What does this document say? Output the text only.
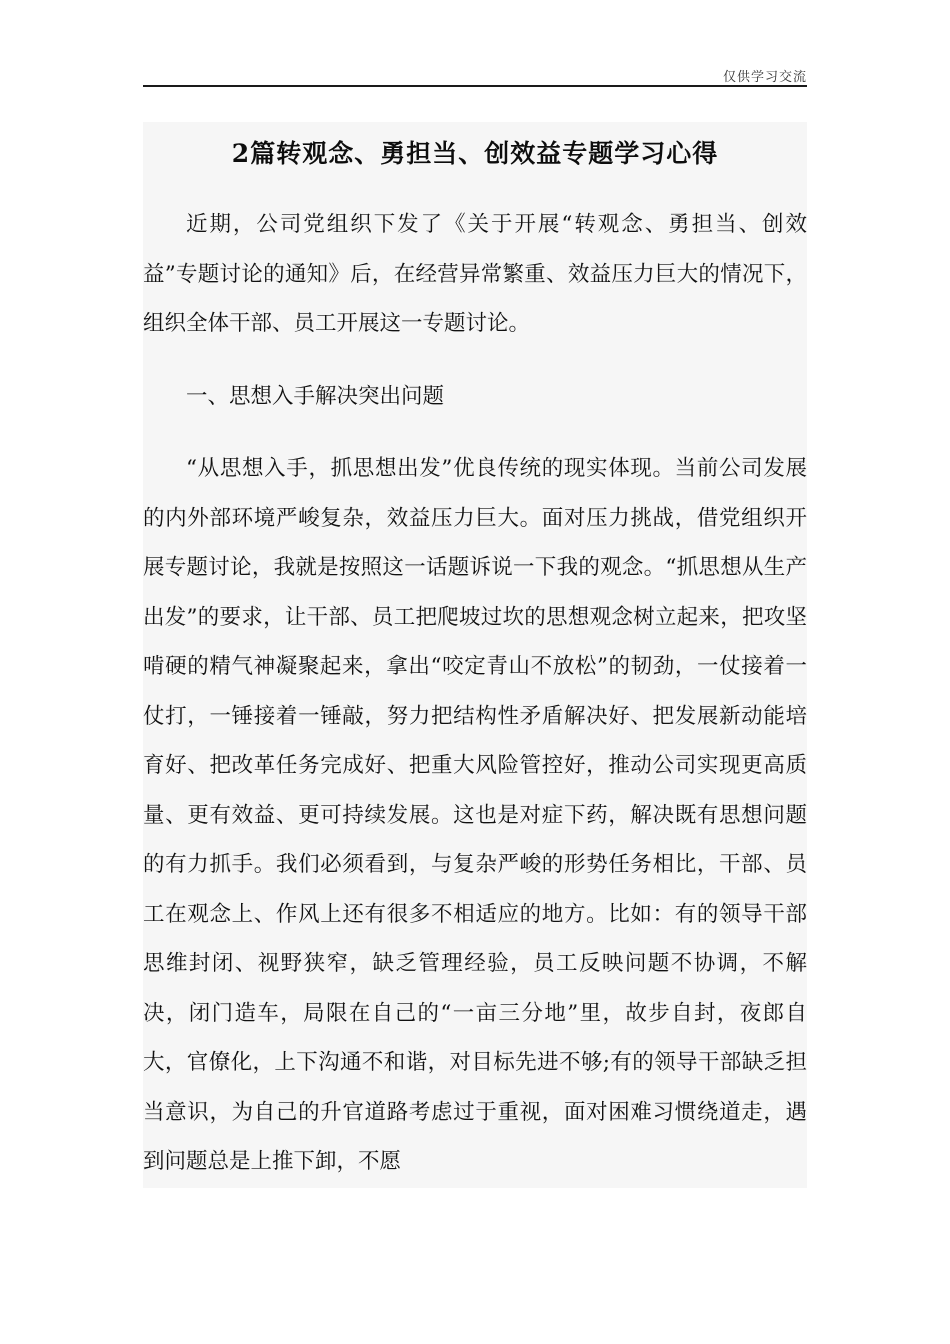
仅供学习交流
2篇转观念、勇担当、创效益专题学习心得

近期，公司党组织下发了《关于开展“转观念、勇担当、创效益”专题讨论的通知》后，在经营异常繁重、效益压力巨大的情况下，组织全体干部、员工开展这一专题讨论。

一、思想入手解决突出问题

“从思想入手，抓思想出发”优良传统的现实体现。当前公司发展的内外部环境严峻复杂，效益压力巨大。面对压力挑战，借党组织开展专题讨论，我就是按照这一话题诉说一下我的观念。“抓思想从生产出发”的要求，让干部、员工把爬坡过坎的思想观念树立起来，把攻坚啃硬的精气神凝聚起来，拿出“咬定青山不放松”的韧劲，一仗接着一仗打，一锤接着一锤敲，努力把结构性矛盾解决好、把发展新动能培育好、把改革任务完成好、把重大风险管控好，推动公司实现更高质量、更有效益、更可持续发展。这也是对症下药，解决既有思想问题的有力抓手。我们必须看到，与复杂严峻的形势任务相比，干部、员工在观念上、作风上还有很多不相适应的地方。比如：有的领导干部思维封闭、视野狭窄，缺乏管理经验，员工反映问题不协调，不解决，闭门造车，局限在自己的“一亩三分地”里，故步自封，夜郎自大，官僚化，上下沟通不和谐，对目标先进不够;有的领导干部缺乏担当意识，为自己的升官道路考虑过于重视，面对困难习惯绕道走，遇到问题总是上推下卸，不愿
